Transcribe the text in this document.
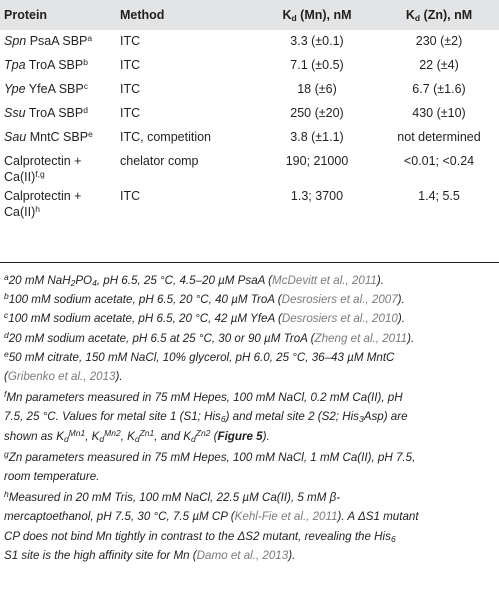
Protein	Method	$K_d$ (Mn), nM	$K_d$ (Zn), nM
Spn PsaA SBP$^a$	ITC	3.3 (±0.1)	230 (±2)
Tpa TroA SBP$^b$	ITC	7.1 (±0.5)	22 (±4)
Ype YfeA SBP$^c$	ITC	18 (±6)	6.7 (±1.6)
Ssu TroA SBP$^d$	ITC	250 (±20)	430 (±10)
Sau MntC SBP$^e$	ITC, competition	3.8 (±1.1)	not determined
Calprotectin +
Ca(II)$^{f,g}$	chelator comp	190; 21000	<0.01; <0.24
Calprotectin +
Ca(II)$^h$	ITC	1.3; 3700	1.4; 5.5

$^a$20 mM $NaH_2PO_4$, pH 6.5, 25 °C, 4.5–20 µM PsaA (McDevitt et al., 2011).

$^b$100 mM sodium acetate, pH 6.5, 20 °C, 40 µM TroA (Desrosiers et al., 2007).

$^c$100 mM sodium acetate, pH 6.5, 20 °C, 42 µM YfeA (Desrosiers et al., 2010).

$^d$20 mM sodium acetate, pH 6.5 at 25 °C, 30 or 90 µM TroA (Zheng et al., 2011).

$^e$50 mM citrate, 150 mM NaCl, 10% glycerol, pH 6.0, 25 °C, 36–43 µM MntC
(Gribenko et al., 2013).

$^f$Mn parameters measured in 75 mM Hepes, 100 mM NaCl, 0.2 mM Ca(II), pH
7.5, 25 °C. Values for metal site 1 (S1; His$_6$) and metal site 2 (S2; His$_3$Asp) are
shown as $K_d^{Mn1}$, $K_d^{Mn2}$, $K_d^{Zn1}$, and $K_d^{Zn2}$ (Figure 5).

$^g$Zn parameters measured in 75 mM Hepes, 100 mM NaCl, 1 mM Ca(II), pH 7.5,
room temperature.

$^h$Measured in 20 mM Tris, 100 mM NaCl, 22.5 µM Ca(II), 5 mM β-
mercaptoethanol, pH 7.5, 30 °C, 7.5 µM CP (Kehl-Fie et al., 2011). A ΔS1 mutant
CP does not bind Mn tightly in contrast to the ΔS2 mutant, revealing the His$_6$
S1 site is the high affinity site for Mn (Damo et al., 2013).
